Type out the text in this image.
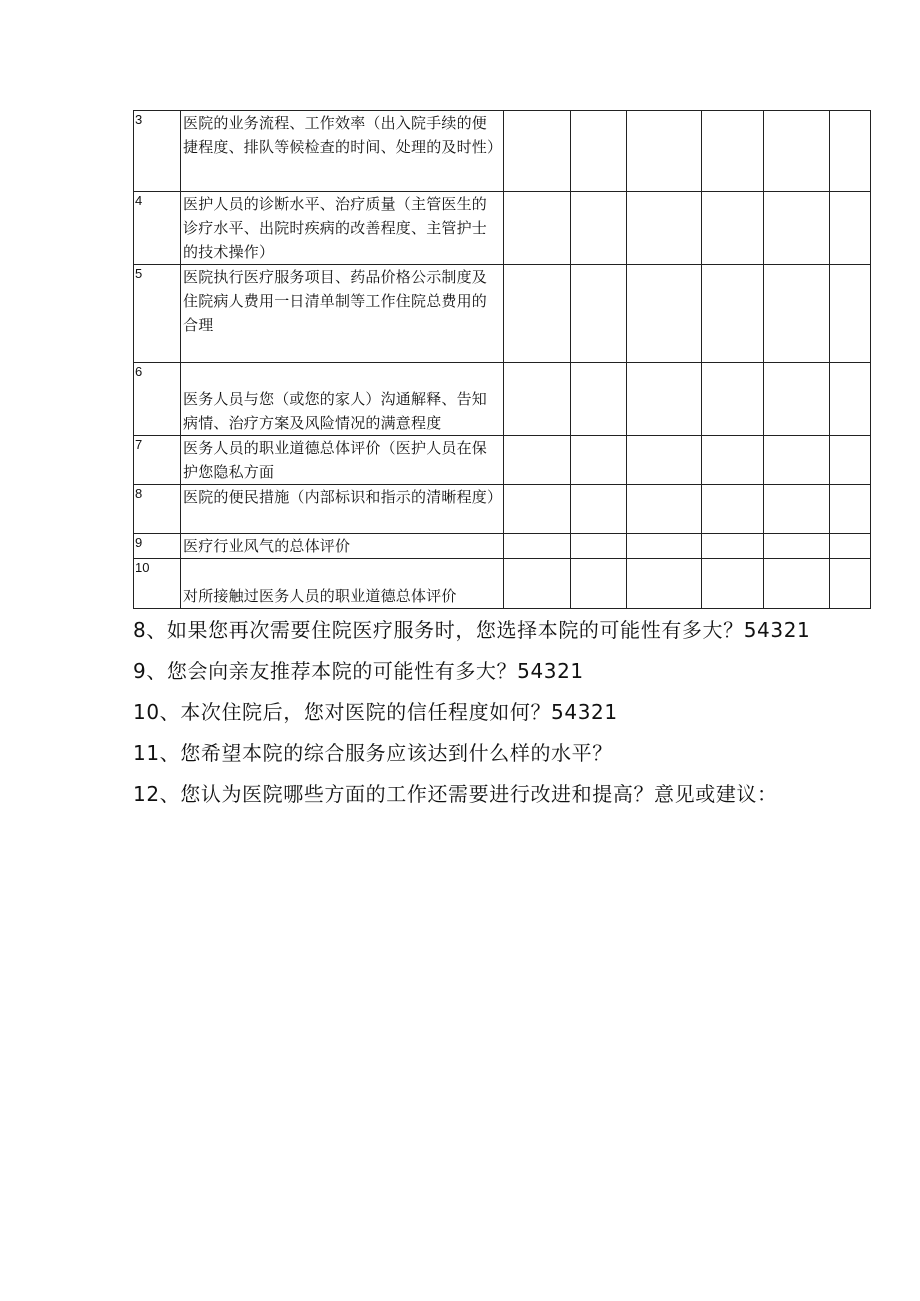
3	医院的业务流程、工作效率（出入院手续的便捷程度、排队等候检查的时间、处理的及时性）						
4	医护人员的诊断水平、治疗质量（主管医生的诊疗水平、出院时疾病的改善程度、主管护士的技术操作）						
5	医院执行医疗服务项目、药品价格公示制度及住院病人费用一日清单制等工作住院总费用的合理						
6	医务人员与您（或您的家人）沟通解释、告知病情、治疗方案及风险情况的满意程度						
7	医务人员的职业道德总体评价（医护人员在保护您隐私方面						
8	医院的便民措施（内部标识和指示的清晰程度）						
9	医疗行业风气的总体评价						
10	对所接触过医务人员的职业道德总体评价						

8、如果您再次需要住院医疗服务时，您选择本院的可能性有多大？54321

9、您会向亲友推荐本院的可能性有多大？54321

10、本次住院后，您对医院的信任程度如何？54321

11、您希望本院的综合服务应该达到什么样的水平？

12、您认为医院哪些方面的工作还需要进行改进和提高？意见或建议：
